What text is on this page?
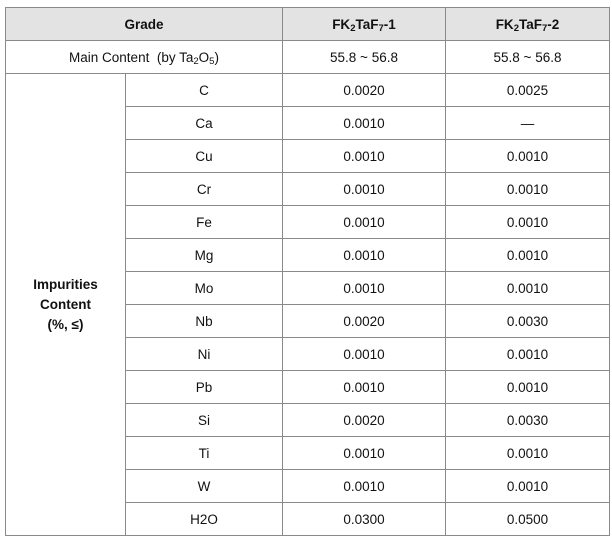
Grade		$FK_2TaF_7-1$	$FK_2TaF_7-2$
Main Content  (by $Ta_2O_5$)		55.8 ~ 56.8	55.8 ~ 56.8
Impurities
Content
(%, ≤)	C	0.0020	0.0025
	Ca	0.0010	—
	Cu	0.0010	0.0010
	Cr	0.0010	0.0010
	Fe	0.0010	0.0010
	Mg	0.0010	0.0010
	Mo	0.0010	0.0010
	Nb	0.0020	0.0030
	Ni	0.0010	0.0010
	Pb	0.0010	0.0010
	Si	0.0020	0.0030
	Ti	0.0010	0.0010
	W	0.0010	0.0010
	H2O	0.0300	0.0500
